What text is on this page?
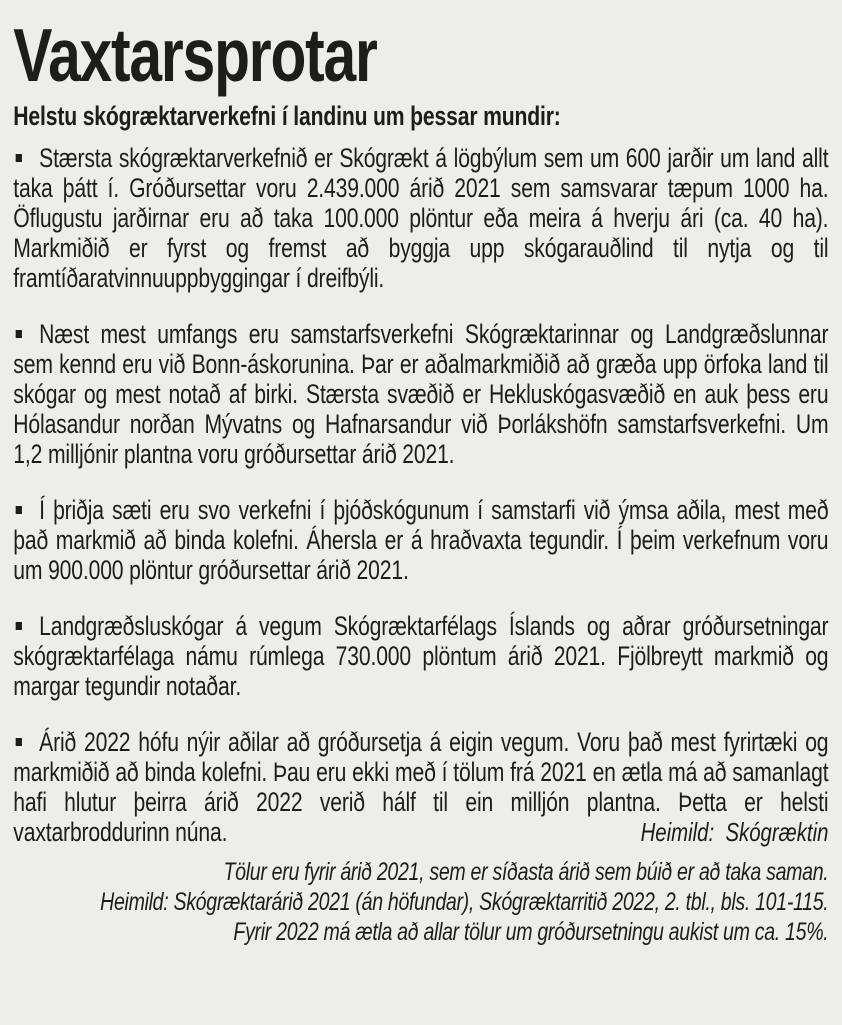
Vaxtarsprotar
Helstu skógræktarverkefni í landinu um þessar mundir:

Stærsta skógræktarverkefnið er Skógrækt á lögbýlum sem um 600 jarðir um land allt taka þátt í. Gróðursettar voru 2.439.000 árið 2021 sem samsvarar tæpum 1000 ha. Öflugustu jarðirnar eru að taka 100.000 plöntur eða meira á hverju ári (ca. 40 ha). Markmiðið er fyrst og fremst að byggja upp skógarauðlind til nytja og til framtíðaratvinnuuppbyggingar í dreifbýli.

Næst mest umfangs eru samstarfsverkefni Skógræktarinnar og Landgræðslunnar sem kennd eru við Bonn-áskorunina. Þar er aðalmarkmiðið að græða upp örfoka land til skógar og mest notað af birki. Stærsta svæðið er Hekluskógasvæðið en auk þess eru Hólasandur norðan Mývatns og Hafnarsandur við Þorlákshöfn samstarfsverkefni. Um 1,2 milljónir plantna voru gróðursettar árið 2021.

Í þriðja sæti eru svo verkefni í þjóðskógunum í samstarfi við ýmsa aðila, mest með það markmið að binda kolefni. Áhersla er á hraðvaxta tegundir. Í þeim verkefnum voru um 900.000 plöntur gróðursettar árið 2021.

Landgræðsluskógar á vegum Skógræktarfélags Íslands og aðrar gróðursetningar skógræktarfélaga námu rúmlega 730.000 plöntum árið 2021. Fjölbreytt markmið og margar tegundir notaðar.

Árið 2022 hófu nýir aðilar að gróðursetja á eigin vegum. Voru það mest fyrirtæki og markmiðið að binda kolefni. Þau eru ekki með í tölum frá 2021 en ætla má að samanlagt hafi hlutur þeirra árið 2022 verið hálf til ein milljón plantna. Þetta er helsti vaxtarbroddurinn núna.	Heimild:  Skógræktin
Tölur eru fyrir árið 2021, sem er síðasta árið sem búið er að taka saman.
Heimild: Skógræktarárið 2021 (án höfundar), Skógræktarritið 2022, 2. tbl., bls. 101-115.
Fyrir 2022 má ætla að allar tölur um gróðursetningu aukist um ca. 15%.
